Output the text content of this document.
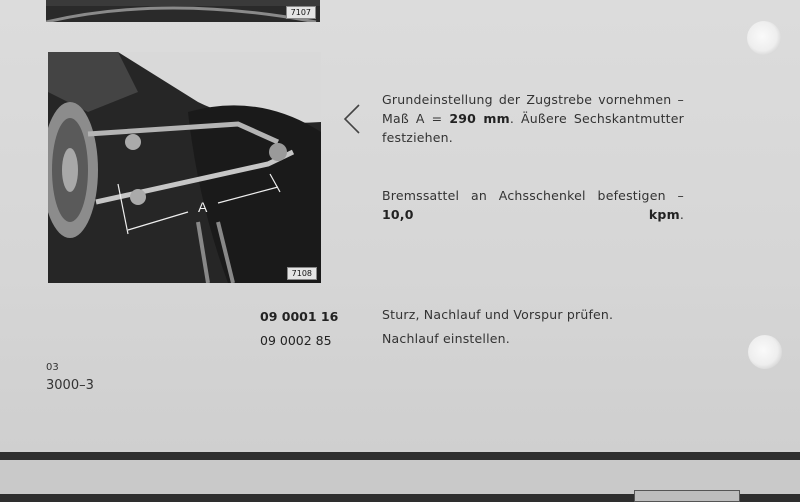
7107
A
7108
Grundeinstellung der Zugstrebe vornehmen – Maß A = 290 mm. Äußere Sechskantmutter festziehen.
Bremssattel an Achsschenkel befestigen –
10,0 kpm.
09 0001 16	Sturz, Nachlauf und Vorspur prüfen.
09 0002 85	Nachlauf einstellen.
03
3000–3
